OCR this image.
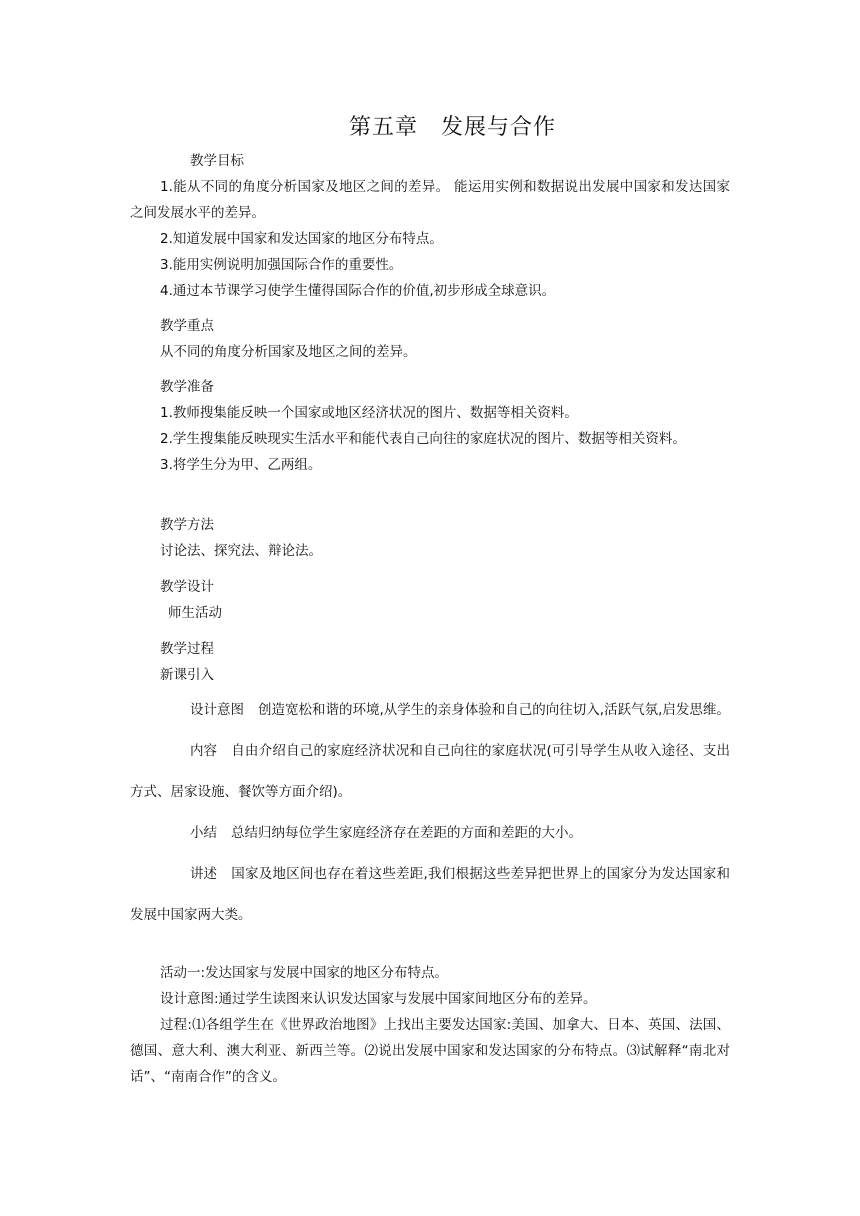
第五章　发展与合作

教学目标

1.能从不同的角度分析国家及地区之间的差异。 能运用实例和数据说出发展中国家和发达国家之间发展水平的差异。

2.知道发展中国家和发达国家的地区分布特点。

3.能用实例说明加强国际合作的重要性。

4.通过本节课学习使学生懂得国际合作的价值,初步形成全球意识。

教学重点

从不同的角度分析国家及地区之间的差异。

教学准备

1.教师搜集能反映一个国家或地区经济状况的图片、数据等相关资料。

2.学生搜集能反映现实生活水平和能代表自己向往的家庭状况的图片、数据等相关资料。

3.将学生分为甲、乙两组。

教学方法

讨论法、探究法、辩论法。

教学设计

师生活动

教学过程

新课引入

设计意图 创造宽松和谐的环境,从学生的亲身体验和自己的向往切入,活跃气氛,启发思维。

内容 自由介绍自己的家庭经济状况和自己向往的家庭状况(可引导学生从收入途径、支出方式、居家设施、餐饮等方面介绍)。

小结 总结归纳每位学生家庭经济存在差距的方面和差距的大小。

讲述 国家及地区间也存在着这些差距,我们根据这些差异把世界上的国家分为发达国家和发展中国家两大类。

活动一:发达国家与发展中国家的地区分布特点。

设计意图:通过学生读图来认识发达国家与发展中国家间地区分布的差异。

过程:⑴各组学生在《世界政治地图》上找出主要发达国家:美国、加拿大、日本、英国、法国、德国、意大利、澳大利亚、新西兰等。⑵说出发展中国家和发达国家的分布特点。⑶试解释“南北对话”、“南南合作”的含义。
